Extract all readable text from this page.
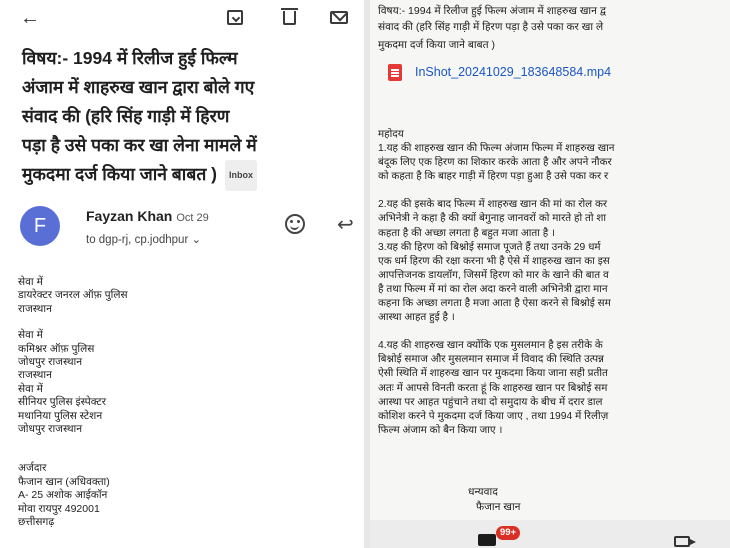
←
विषय:- 1994 में रिलीज हुई फिल्म
अंजाम में शाहरुख खान द्वारा बोले गए
संवाद की (हरि सिंह गाड़ी में हिरण
पड़ा है उसे पका कर खा लेना मामले में
मुकदमा दर्ज किया जाने बाबत ) Inbox
F	Fayzan Khan Oct 29
to dgp-rj, cp.jodhpur ⌄
↩
सेवा में
डायरेक्टर जनरल ऑफ़ पुलिस
राजस्थान
सेवा में
कमिश्नर ऑफ़ पुलिस
जोधपुर राजस्थान
राजस्थान
सेवा में
सीनियर पुलिस इंस्पेक्टर
मथानिया पुलिस स्टेशन
जोधपुर राजस्थान
अर्जदार
फैजान खान (अधिवक्ता)
A- 25 अशोक आईकॉन
मोवा रायपुर 492001
छत्तीसगढ़
विषय:- 1994 में रिलीज हुई फिल्म अंजाम में शाहरुख खान द्व
संवाद की (हरि सिंह गाड़ी में हिरण पड़ा है उसे पका कर खा ले
मुकदमा दर्ज किया जाने बाबत )
InShot_20241029_183648584.mp4
महोदय
1.यह की शाहरुख खान की फिल्म अंजाम फिल्म में शाहरुख खान
बंदूक लिए एक हिरण का शिकार करके आता है और अपने नौकर
को कहता है कि बाहर गाड़ी में हिरण पड़ा हुआ है उसे पका कर र
2.यह की इसके बाद फिल्म में शाहरुख खान की मां का रोल कर
अभिनेत्री ने कहा है की क्यों बेगुनाह जानवरों को मारते हो तो शा
कहता है की अच्छा लगता है बहुत मजा आता है ।
3.यह की हिरण को बिश्नोई समाज पूजते हैं तथा उनके 29 धर्म
एक धर्म हिरण की रक्षा करना भी है ऐसे में शाहरुख खान का इस
आपत्तिजनक डायलॉग, जिसमें हिरण को मार के खाने की बात व
है तथा फिल्म में मां का रोल अदा करने वाली अभिनेत्री द्वारा मान
कहना कि अच्छा लगता है मजा आता है ऐसा करने से बिश्नोई सम
आस्था आहत हुई है ।
4.यह की शाहरुख खान क्योंकि एक मुसलमान है इस तरीके के
बिश्नोई समाज और मुसलमान समाज में विवाद की स्थिति उत्पन्न
ऐसी स्थिति में शाहरुख खान पर मुकदमा किया जाना सही प्रतीत
अतः में आपसे विनती करता हूं कि शाहरुख खान पर बिश्नोई सम
आस्था पर आहत पहुंचाने तथा दो समुदाय के बीच में दरार डाल
कोशिश करने पे मुकदमा दर्ज किया जाए , तथा 1994 में रिलीज़
फिल्म अंजाम को बैन किया जाए ।
धन्यवाद
फैजान खान
99+
